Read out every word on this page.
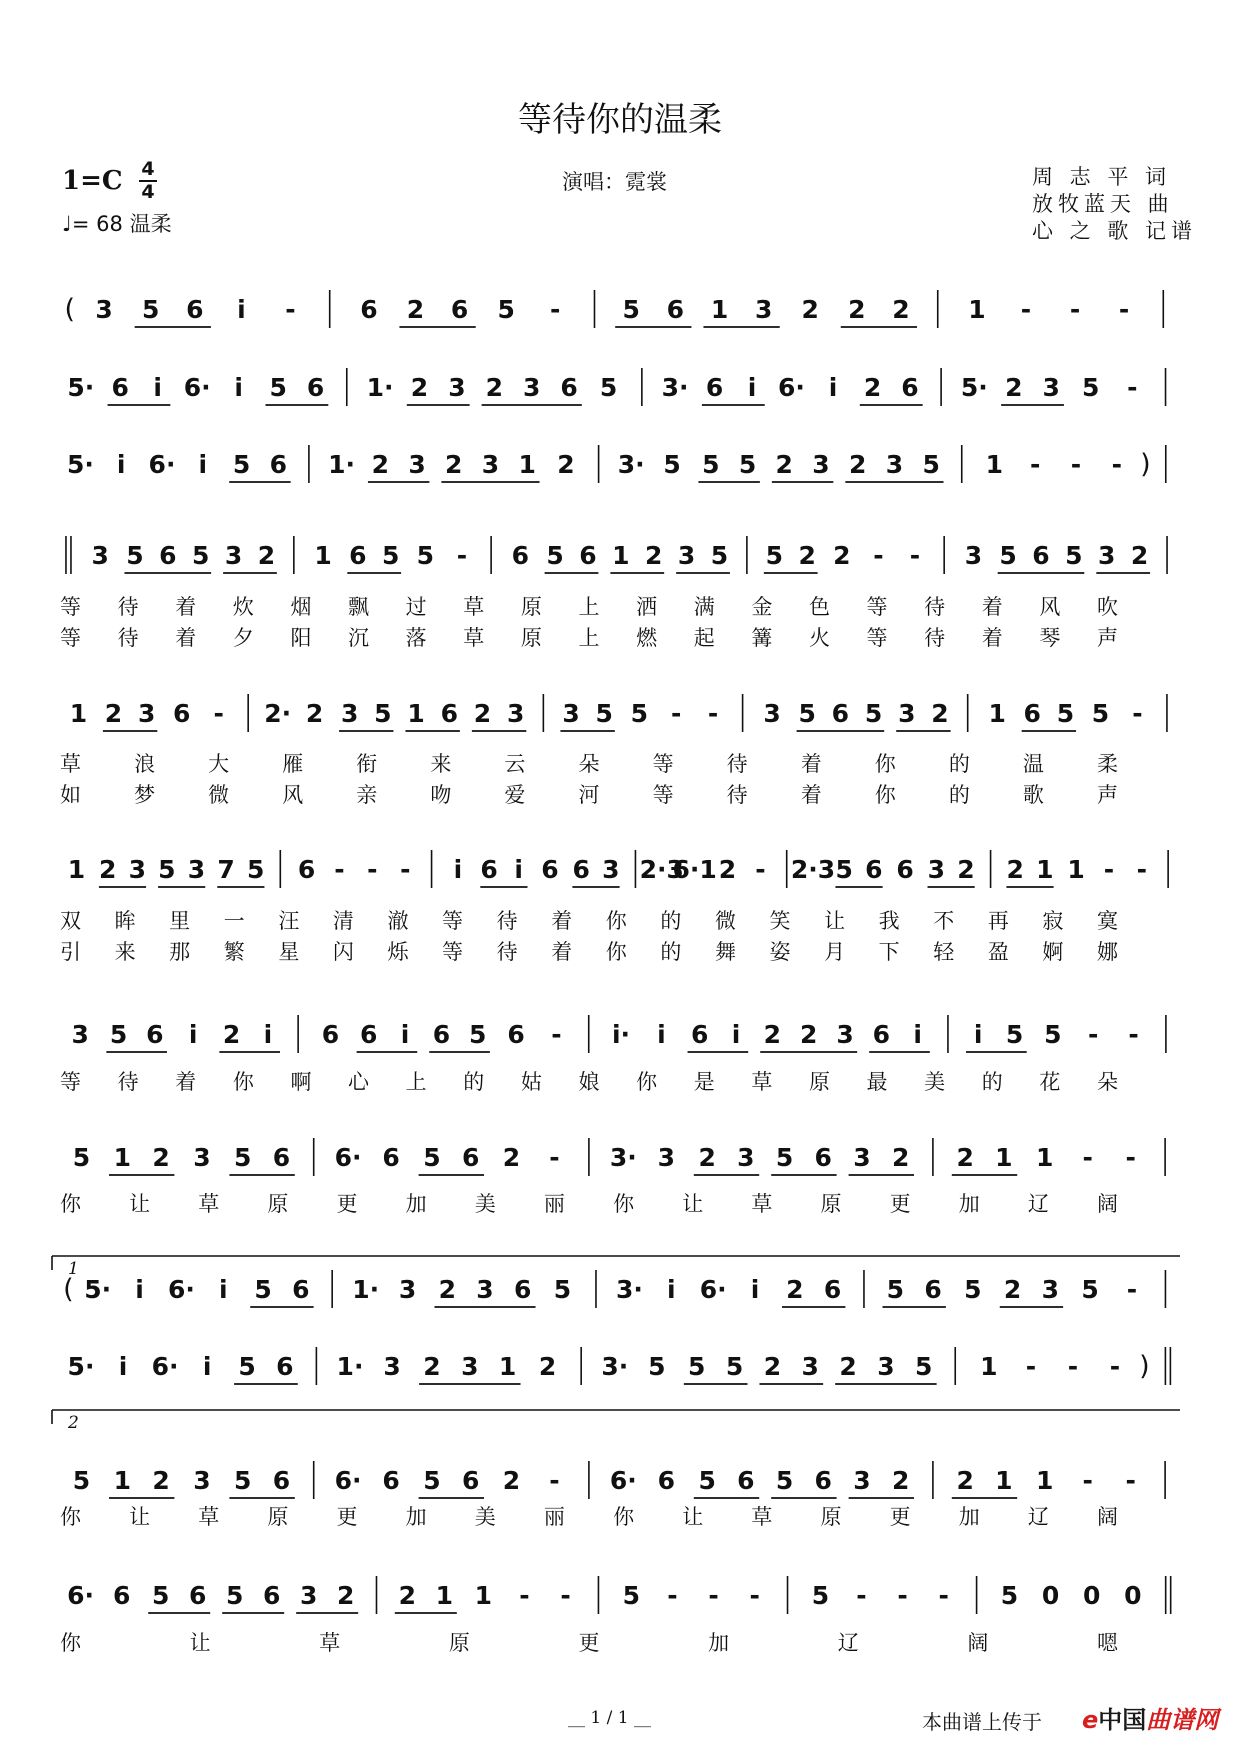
等待你的温柔
1=C 4
4
♩= 68 温柔
演唱：霓裳	周 志 平 词
放牧蓝天 曲
心 之 歌 记谱
( 3 5 6 i -	6 2 6 5 - 5 6 1 3 2 2 2 1 - - -
5· 6 i 6· i 5 6 1· 2 3 2 3 6 5 3· 6 i 6· i 2 6 5· 2 3 5 -
5· i 6· i 5 6 1· 2 3 2 3 1 2 3· 5 5 5 2 3 2 3 5 1 - - - )
3 5 6 5 3 2 1 6 5 5 - 6 5 6 1 2 3 5 5 2 2 - - 3 5 6 5 3 2
等 待 着 炊 烟 飘 过 草 原 上 洒 满 金 色 等 待 着 风 吹
等 待 着 夕 阳 沉 落 草 原 上 燃 起 篝 火 等 待 着 琴 声
1 2 3 6 - 2· 2 3 5 1 6 2 3 3 5 5 - - 3 5 6 5 3 2 1 6 5 5 -
草 浪 大 雁 衔 来 云 朵 等 待 着 你 的 温 柔
如 梦 微 风 亲 吻 爱 河 等 待 着 你 的 歌 声
1 2 3 5 3 7 5 6 - - - i 6 i 6 6 3 2·3
6·1 2 - 2·3 5 6 6 3 2 2 1 1 - -
双 眸 里 一 汪 清 澈 等 待 着 你 的 微 笑 让 我 不 再 寂 寞
引 来 那 繁 星 闪 烁 等 待 着 你 的 舞 姿 月 下 轻 盈 婀 娜
3 5 6 i 2 i 6 6 i 6 5 6 - i· i 6 i 2 2 3 6 i i 5 5 - -
等 待 着 你 啊 心 上 的 姑 娘 你 是 草 原 最 美 的 花 朵
5 1 2 3 5 6 6· 6 5 6 2 - 3· 3 2 3 5 6 3 2 2 1 1 - -
你 让 草 原 更 加 美 丽 你 让 草 原 更 加 辽 阔
( 5· i 6· i 5 6 1· 3 2 3 6 5 3· i 6· i 2 6 5 6 5 2 3 5 -
5· i 6· i 5 6 1· 3 2 3 1 2 3· 5 5 5 2 3 2 3 5 1 - - - )
5 1 2 3 5 6 6· 6 5 6 2 - 6· 6 5 6 5 6 3 2 2 1 1 - -
你 让 草 原 更 加 美 丽 你 让 草 原 更 加 辽 阔
6· 6 5 6 5 6 3 2 2 1 1 - - 5 - - - 5 - - - 5 0 0 0
你 让 草 原 更 加 辽 阔 嗯
1
2
__ 1 / 1 __	本曲谱上传于 e中国曲谱网
